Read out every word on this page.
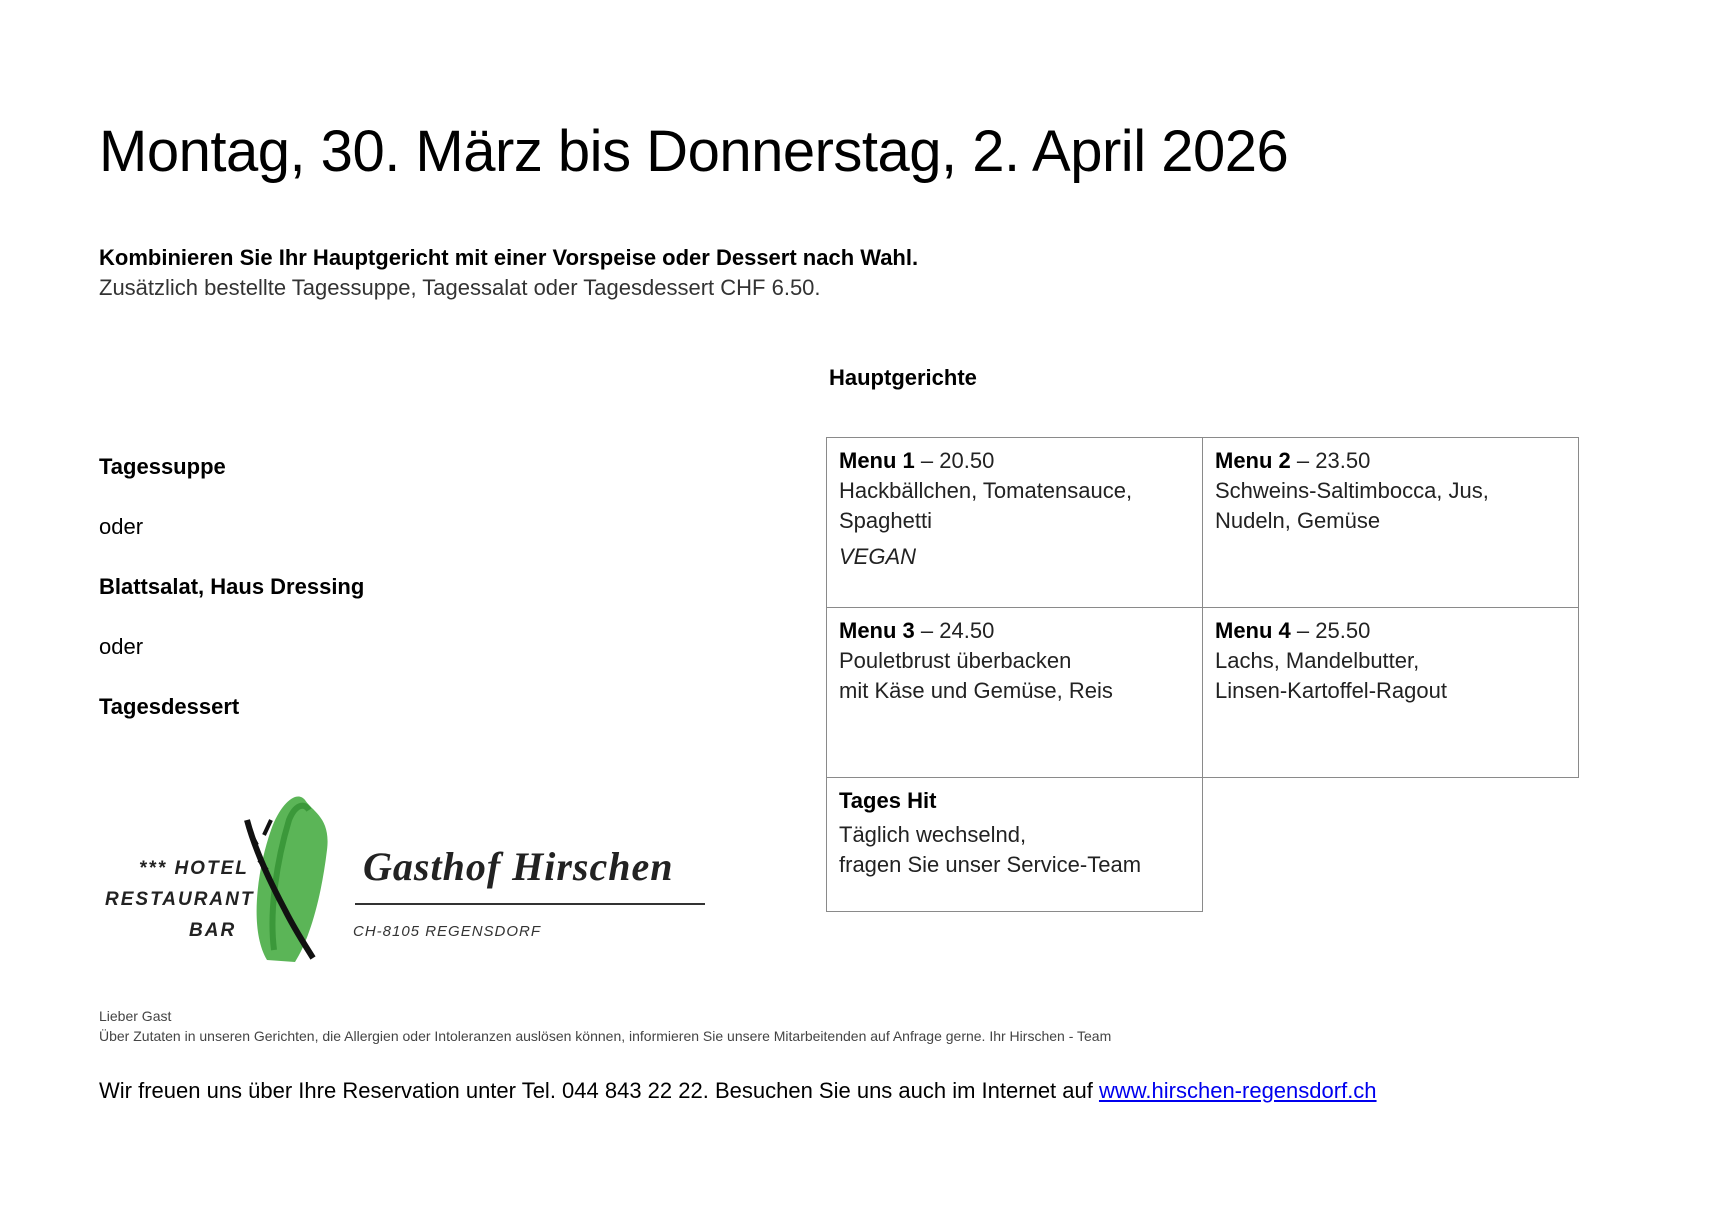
Montag, 30. März bis Donnerstag, 2. April 2026
Kombinieren Sie Ihr Hauptgericht mit einer Vorspeise oder Dessert nach Wahl.
Zusätzlich bestellte Tagessuppe, Tagessalat oder Tagesdessert CHF 6.50.
Tagessuppe
oder
Blattsalat, Haus Dressing
oder
Tagesdessert
Hauptgerichte
Menu 1 – 20.50
Hackbällchen, Tomatensauce,
Spaghetti
VEGAN
Menu 2 – 23.50
Schweins-Saltimbocca, Jus,
Nudeln, Gemüse
Menu 3 – 24.50
Pouletbrust überbacken
mit Käse und Gemüse, Reis
Menu 4 – 25.50
Lachs, Mandelbutter,
Linsen-Kartoffel-Ragout
Tages Hit
Täglich wechselnd,
fragen Sie unser Service-Team
*** HOTEL
RESTAURANT
BAR
Gasthof Hirschen
CH-8105 REGENSDORF
Lieber Gast
Über Zutaten in unseren Gerichten, die Allergien oder Intoleranzen auslösen können, informieren Sie unsere Mitarbeitenden auf Anfrage gerne. Ihr Hirschen - Team
Wir freuen uns über Ihre Reservation unter Tel. 044 843 22 22. Besuchen Sie uns auch im Internet auf www.hirschen-regensdorf.ch
